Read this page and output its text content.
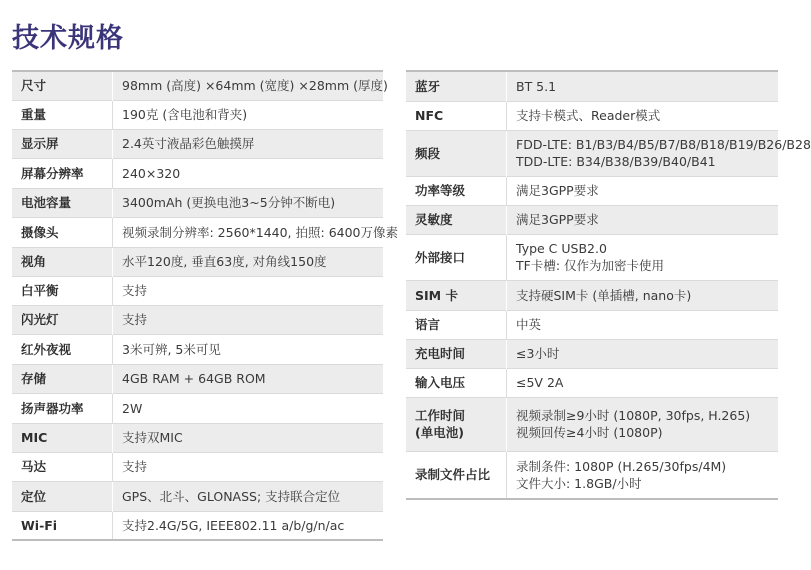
技术规格
尺寸	98mm (高度) ×64mm (宽度) ×28mm (厚度)

重量	190克 (含电池和背夹)

显示屏	2.4英寸液晶彩色触摸屏

屏幕分辨率	240×320

电池容量	3400mAh (更换电池3~5分钟不断电)

摄像头	视频录制分辨率: 2560*1440, 拍照: 6400万像素

视角	水平120度, 垂直63度, 对角线150度

白平衡	支持

闪光灯	支持

红外夜视	3米可辨, 5米可见

存储	4GB RAM + 64GB ROM

扬声器功率	2W

MIC	支持双MIC

马达	支持

定位	GPS、北斗、GLONASS; 支持联合定位

Wi-Fi	支持2.4G/5G, IEEE802.11 a/b/g/n/ac
蓝牙	BT 5.1

NFC	支持卡模式、Reader模式

频段	FDD-LTE: B1/B3/B4/B5/B7/B8/B18/B19/B26/B28
TDD-LTE: B34/B38/B39/B40/B41

功率等级	满足3GPP要求

灵敏度	满足3GPP要求

外部接口	Type C USB2.0
TF卡槽: 仅作为加密卡使用

SIM 卡	支持硬SIM卡 (单插槽, nano卡)

语言	中英

充电时间	≤3小时

输入电压	≤5V 2A

工作时间
(单电池)	视频录制≥9小时 (1080P, 30fps, H.265)
视频回传≥4小时 (1080P)

录制文件占比	录制条件: 1080P (H.265/30fps/4M)
文件大小: 1.8GB/小时
